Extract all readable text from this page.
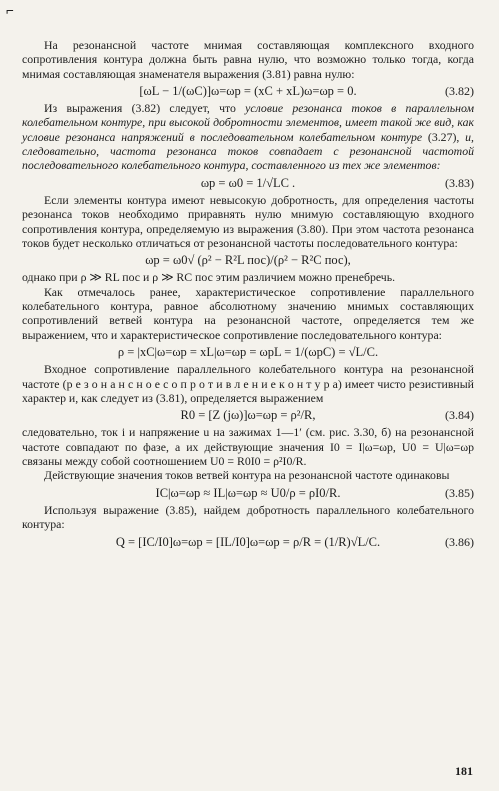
⌐

На резонансной частоте мнимая составляющая комплексного входного сопротивления контура должна быть равна нулю, что возможно только тогда, когда мнимая составляющая знаменателя выражения (3.81) равна нулю:

[ωL − 1/(ωC)]ω=ωp = (xC + xL)ω=ωp = 0.	(3.82)

Из выражения (3.82) следует, что условие резонанса токов в параллельном колебательном контуре, при высокой добротности элементов, имеет такой же вид, как условие резонанса напряжений в последовательном колебательном контуре (3.27), и, следовательно, частота резонанса токов совпадает с резонансной частотой последовательного колебательного контура, составленного из тех же элементов:

ωp = ω0 = 1/√LC .	(3.83)

Если элементы контура имеют невысокую добротность, для определения частоты резонанса токов необходимо приравнять нулю мнимую составляющую входного сопротивления контура, определяемую из выражения (3.80). При этом частота резонанса токов будет несколько отличаться от резонансной частоты последовательного контура:

ωp = ω0√ (ρ² − R²L пос)/(ρ² − R²C пос),

однако при ρ ≫ RL пос и ρ ≫ RC пос этим различием можно пренебречь.

Как отмечалось ранее, характеристическое сопротивление параллельного колебательного контура, равное абсолютному значению мнимых составляющих сопротивлений ветвей контура на резонансной частоте, определяется тем же выражением, что и характеристическое сопротивление последовательного контура:

ρ = |xC|ω=ωp = xL|ω=ωp = ωpL = 1/(ωpC) = √L/C.

Входное сопротивление параллельного колебательного контура на резонансной частоте (р е з о н а н с н о е с о п р о т и в л е н и е к о н т у р а) имеет чисто резистивный характер и, как следует из (3.81), определяется выражением

R0 = [Z (jω)]ω=ωp = ρ²/R,	(3.84)

следовательно, ток i и напряжение u на зажимах 1—1′ (см. рис. 3.30, б) на резонансной частоте совпадают по фазе, а их действующие значения I0 = I|ω=ωp, U0 = U|ω=ωp связаны между собой соотношением U0 = R0I0 = ρ²I0/R.

Действующие значения токов ветвей контура на резонансной частоте одинаковы

IC|ω=ωp ≈ IL|ω=ωp ≈ U0/ρ = ρI0/R.	(3.85)

Используя выражение (3.85), найдем добротность параллельного колебательного контура:

Q = [IC/I0]ω=ωp = [IL/I0]ω=ωp = ρ/R = (1/R)√L/C.	(3.86)
181
